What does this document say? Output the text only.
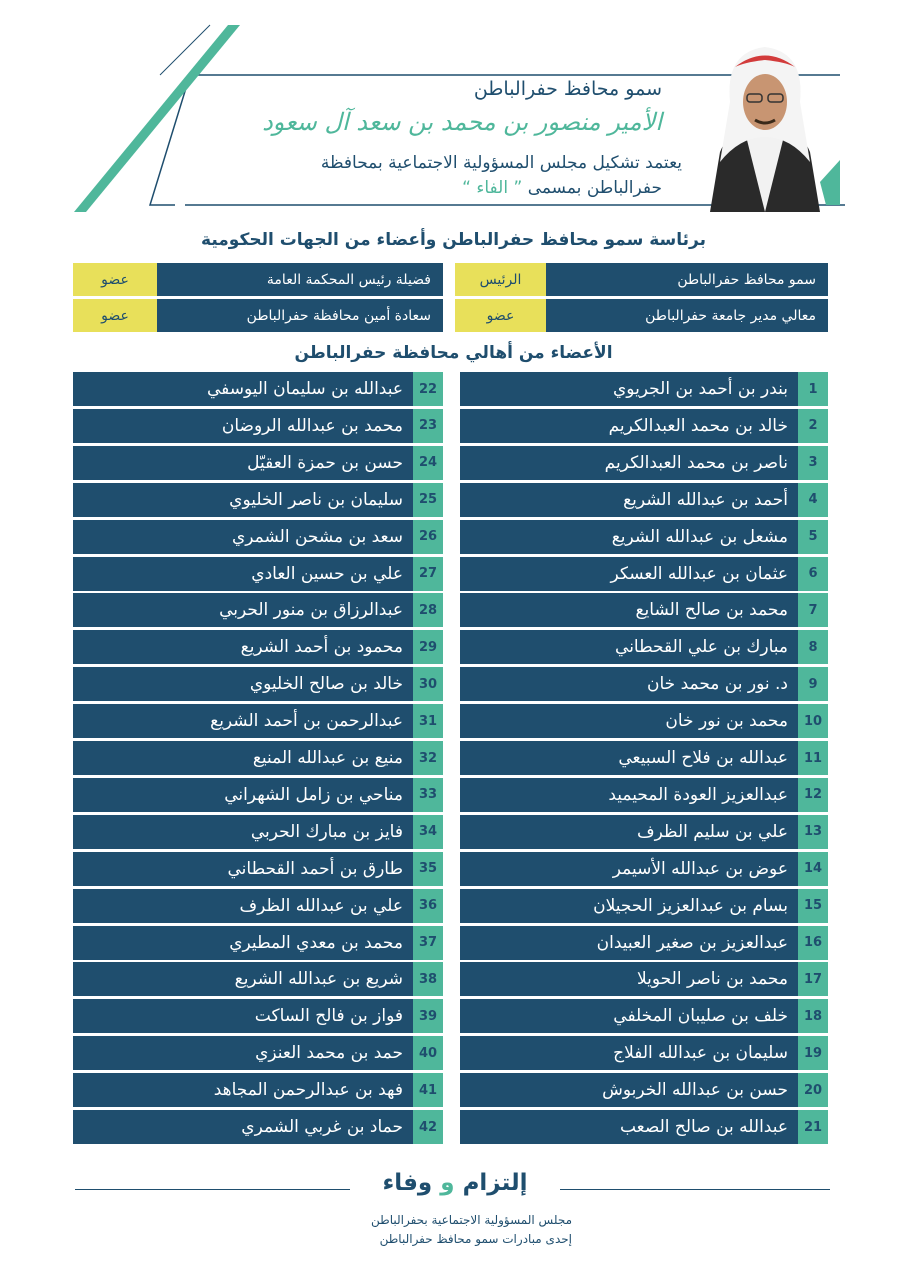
سمو محافظ حفرالباطن
الأمير منصور بن محمد بن سعد آل سعود
يعتمد تشكيل مجلس المسؤولية الاجتماعية بمحافظة
حفرالباطن بمسمى ” الفاء “
برئاسة سمو محافظ حفرالباطن وأعضاء من الجهات الحكومية
سمو محافظ حفرالباطن
الرئيس
فضيلة رئيس المحكمة العامة
عضو
معالي مدير جامعة حفرالباطن
عضو
سعادة أمين محافظة حفرالباطن
عضو
الأعضاء من أهالي محافظة حفرالباطن
1
بندر بن أحمد بن الجريوي
2
خالد بن محمد العبدالكريم
3
ناصر بن محمد العبدالكريم
4
أحمد بن عبدالله الشريع
5
مشعل بن عبدالله الشريع
6
عثمان بن عبدالله العسكر
7
محمد بن صالح الشايع
8
مبارك بن علي القحطاني
9
د. نور بن محمد خان
10
محمد بن نور خان
11
عبدالله بن فلاح السبيعي
12
عبدالعزيز العودة المحيميد
13
علي بن سليم الظرف
14
عوض بن عبدالله الأسيمر
15
بسام بن عبدالعزيز الحجيلان
16
عبدالعزيز بن صغير العبيدان
17
محمد بن ناصر الحويلا
18
خلف بن صليبان المخلفي
19
سليمان بن عبدالله الفلاج
20
حسن بن عبدالله الخربوش
21
عبدالله بن صالح الصعب
22
عبدالله بن سليمان اليوسفي
23
محمد بن عبدالله الروضان
24
حسن بن حمزة العقيّل
25
سليمان بن ناصر الخليوي
26
سعد بن مشحن الشمري
27
علي بن حسين العادي
28
عبدالرزاق بن منور الحربي
29
محمود بن أحمد الشريع
30
خالد بن صالح الخليوي
31
عبدالرحمن بن أحمد الشريع
32
منيع بن عبدالله المنيع
33
مناحي بن زامل الشهراني
34
فايز بن مبارك الحربي
35
طارق بن أحمد القحطاني
36
علي بن عبدالله الظرف
37
محمد بن معدي المطيري
38
شريع بن عبدالله الشريع
39
فواز بن فالح الساكت
40
حمد بن محمد العنزي
41
فهد بن عبدالرحمن المجاهد
42
حماد بن غربي الشمري
إلتزام و وفاء
مجلس المسؤولية الاجتماعية بحفرالباطن
إحدى مبادرات سمو محافظ حفرالباطن
